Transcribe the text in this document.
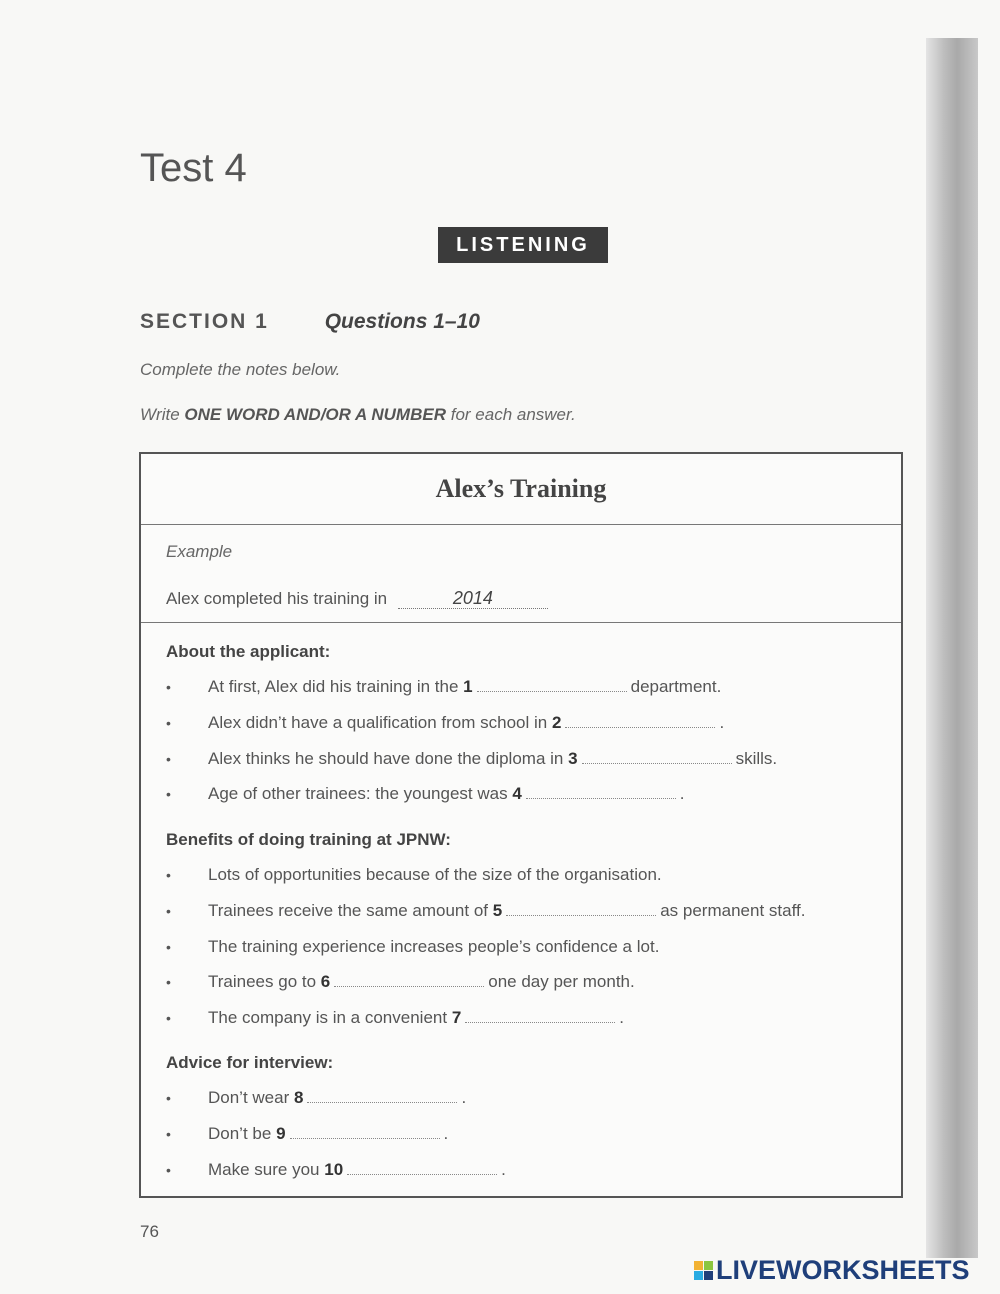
Test 4
LISTENING
SECTION 1	Questions 1–10
Complete the notes below.
Write ONE WORD AND/OR A NUMBER for each answer.
Alex’s Training
Example
Alex completed his training in	2014
About the applicant:
• At first, Alex did his training in the 1	department.
• Alex didn’t have a qualification from school in 2	.
• Alex thinks he should have done the diploma in 3	skills.
• Age of other trainees: the youngest was 4	.
Benefits of doing training at JPNW:
• Lots of opportunities because of the size of the organisation.
• Trainees receive the same amount of 5	as permanent staff.
• The training experience increases people’s confidence a lot.
• Trainees go to 6	one day per month.
• The company is in a convenient 7	.
Advice for interview:
• Don’t wear 8	.
• Don’t be 9	.
• Make sure you 10	.
76
LIVEWORKSHEETS
